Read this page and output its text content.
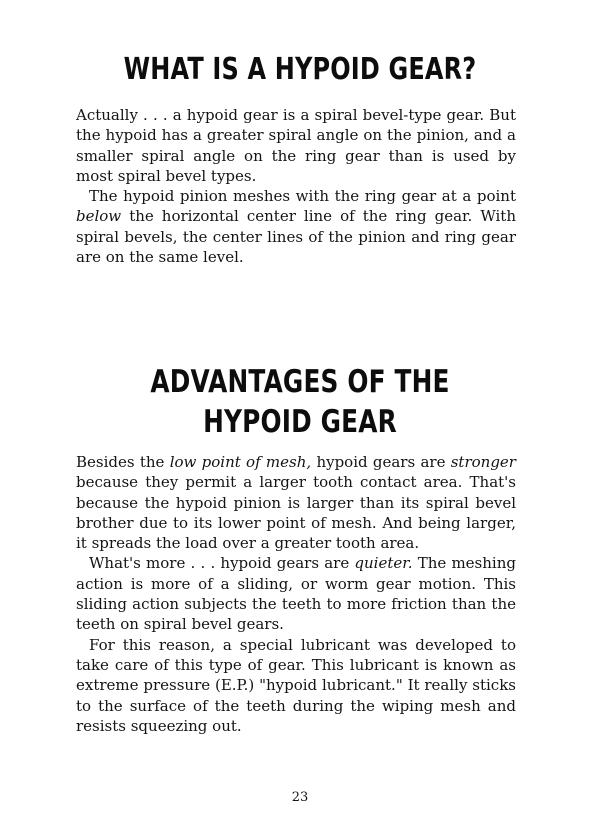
WHAT IS A HYPOID GEAR?

Actually . . . a hypoid gear is a spiral bevel-type gear. But the hypoid has a greater spiral angle on the pinion, and a smaller spiral angle on the ring gear than is used by most spiral bevel types.

The hypoid pinion meshes with the ring gear at a point below the horizontal center line of the ring gear. With spiral bevels, the center lines of the pinion and ring gear are on the same level.

ADVANTAGES OF THE
HYPOID GEAR

Besides the low point of mesh, hypoid gears are stronger because they permit a larger tooth contact area. That's because the hypoid pinion is larger than its spiral bevel brother due to its lower point of mesh. And being larger, it spreads the load over a greater tooth area.

What's more . . . hypoid gears are quieter. The meshing action is more of a sliding, or worm gear motion. This sliding action subjects the teeth to more friction than the teeth on spiral bevel gears.

For this reason, a special lubricant was developed to take care of this type of gear. This lubricant is known as extreme pressure (E.P.) "hypoid lubricant." It really sticks to the surface of the teeth during the wiping mesh and resists squeezing out.

23
